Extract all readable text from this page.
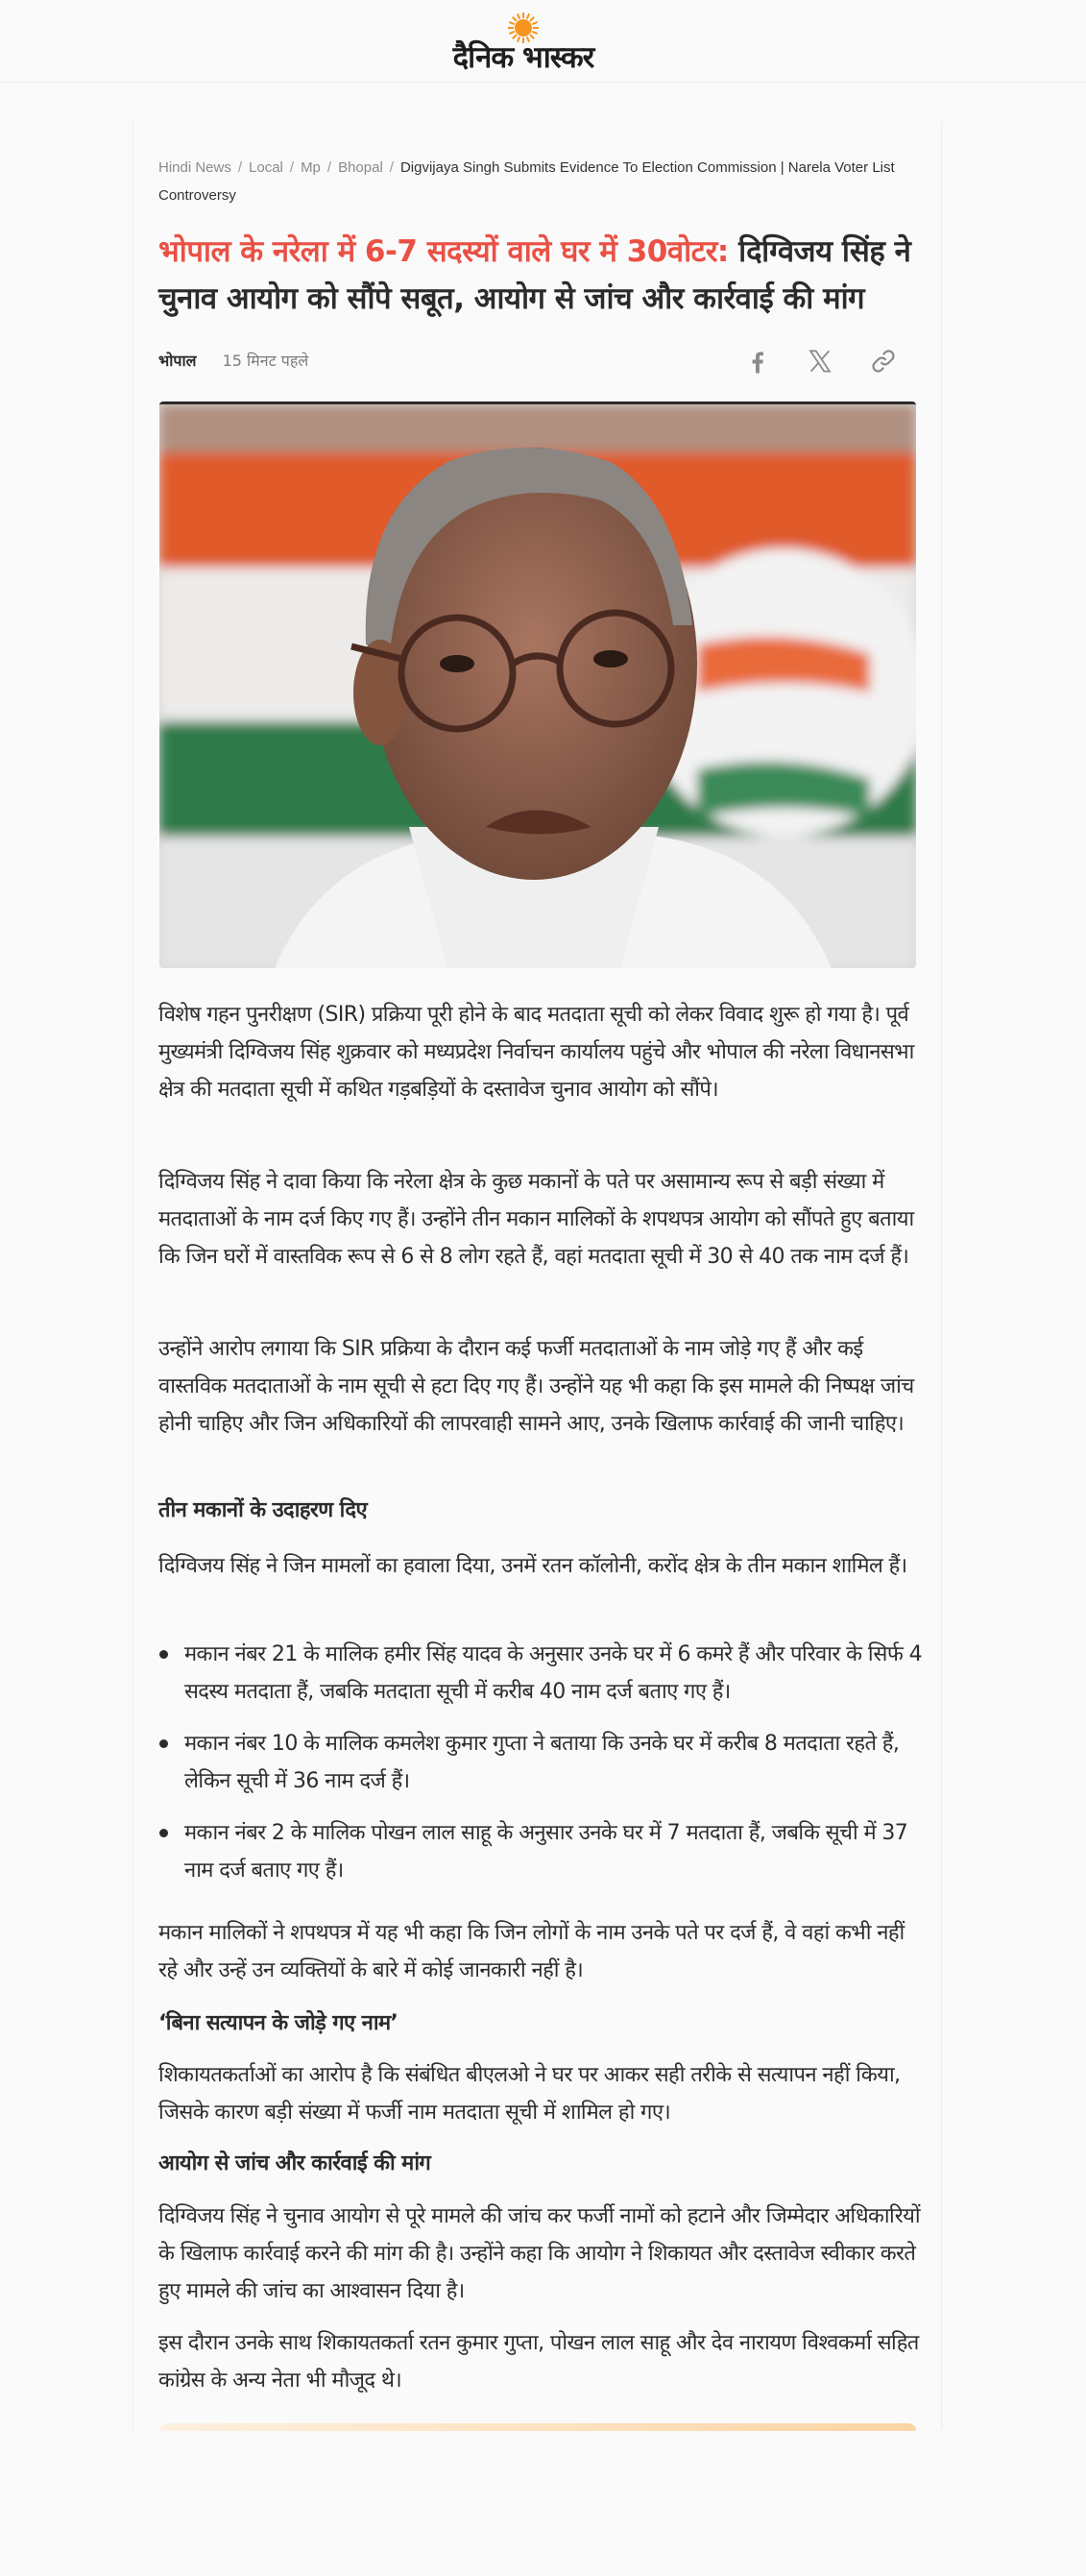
दैनिक भास्कर
Hindi News / Local / Mp / Bhopal / Digvijaya Singh Submits Evidence To Election Commission | Narela Voter List Controversy
भोपाल के नरेला में 6-7 सदस्यों वाले घर में 30वोटर: दिग्विजय सिंह ने चुनाव आयोग को सौंपे सबूत, आयोग से जांच और कार्रवाई की मांग
भोपाल 15 मिनट पहले

विशेष गहन पुनरीक्षण (SIR) प्रक्रिया पूरी होने के बाद मतदाता सूची को लेकर विवाद शुरू हो गया है। पूर्व मुख्यमंत्री दिग्विजय सिंह शुक्रवार को मध्यप्रदेश निर्वाचन कार्यालय पहुंचे और भोपाल की नरेला विधानसभा क्षेत्र की मतदाता सूची में कथित गड़बड़ियों के दस्तावेज चुनाव आयोग को सौंपे।

दिग्विजय सिंह ने दावा किया कि नरेला क्षेत्र के कुछ मकानों के पते पर असामान्य रूप से बड़ी संख्या में मतदाताओं के नाम दर्ज किए गए हैं। उन्होंने तीन मकान मालिकों के शपथपत्र आयोग को सौंपते हुए बताया कि जिन घरों में वास्तविक रूप से 6 से 8 लोग रहते हैं, वहां मतदाता सूची में 30 से 40 तक नाम दर्ज हैं।

उन्होंने आरोप लगाया कि SIR प्रक्रिया के दौरान कई फर्जी मतदाताओं के नाम जोड़े गए हैं और कई वास्तविक मतदाताओं के नाम सूची से हटा दिए गए हैं। उन्होंने यह भी कहा कि इस मामले की निष्पक्ष जांच होनी चाहिए और जिन अधिकारियों की लापरवाही सामने आए, उनके खिलाफ कार्रवाई की जानी चाहिए।

तीन मकानों के उदाहरण दिए

दिग्विजय सिंह ने जिन मामलों का हवाला दिया, उनमें रतन कॉलोनी, करोंद क्षेत्र के तीन मकान शामिल हैं।

मकान नंबर 21 के मालिक हमीर सिंह यादव के अनुसार उनके घर में 6 कमरे हैं और परिवार के सिर्फ 4 सदस्य मतदाता हैं, जबकि मतदाता सूची में करीब 40 नाम दर्ज बताए गए हैं।
मकान नंबर 10 के मालिक कमलेश कुमार गुप्ता ने बताया कि उनके घर में करीब 8 मतदाता रहते हैं, लेकिन सूची में 36 नाम दर्ज हैं।
मकान नंबर 2 के मालिक पोखन लाल साहू के अनुसार उनके घर में 7 मतदाता हैं, जबकि सूची में 37 नाम दर्ज बताए गए हैं।

मकान मालिकों ने शपथपत्र में यह भी कहा कि जिन लोगों के नाम उनके पते पर दर्ज हैं, वे वहां कभी नहीं रहे और उन्हें उन व्यक्तियों के बारे में कोई जानकारी नहीं है।

‘बिना सत्यापन के जोड़े गए नाम’

शिकायतकर्ताओं का आरोप है कि संबंधित बीएलओ ने घर पर आकर सही तरीके से सत्यापन नहीं किया, जिसके कारण बड़ी संख्या में फर्जी नाम मतदाता सूची में शामिल हो गए।

आयोग से जांच और कार्रवाई की मांग

दिग्विजय सिंह ने चुनाव आयोग से पूरे मामले की जांच कर फर्जी नामों को हटाने और जिम्मेदार अधिकारियों के खिलाफ कार्रवाई करने की मांग की है। उन्होंने कहा कि आयोग ने शिकायत और दस्तावेज स्वीकार करते हुए मामले की जांच का आश्वासन दिया है।

इस दौरान उनके साथ शिकायतकर्ता रतन कुमार गुप्ता, पोखन लाल साहू और देव नारायण विश्वकर्मा सहित कांग्रेस के अन्य नेता भी मौजूद थे।
